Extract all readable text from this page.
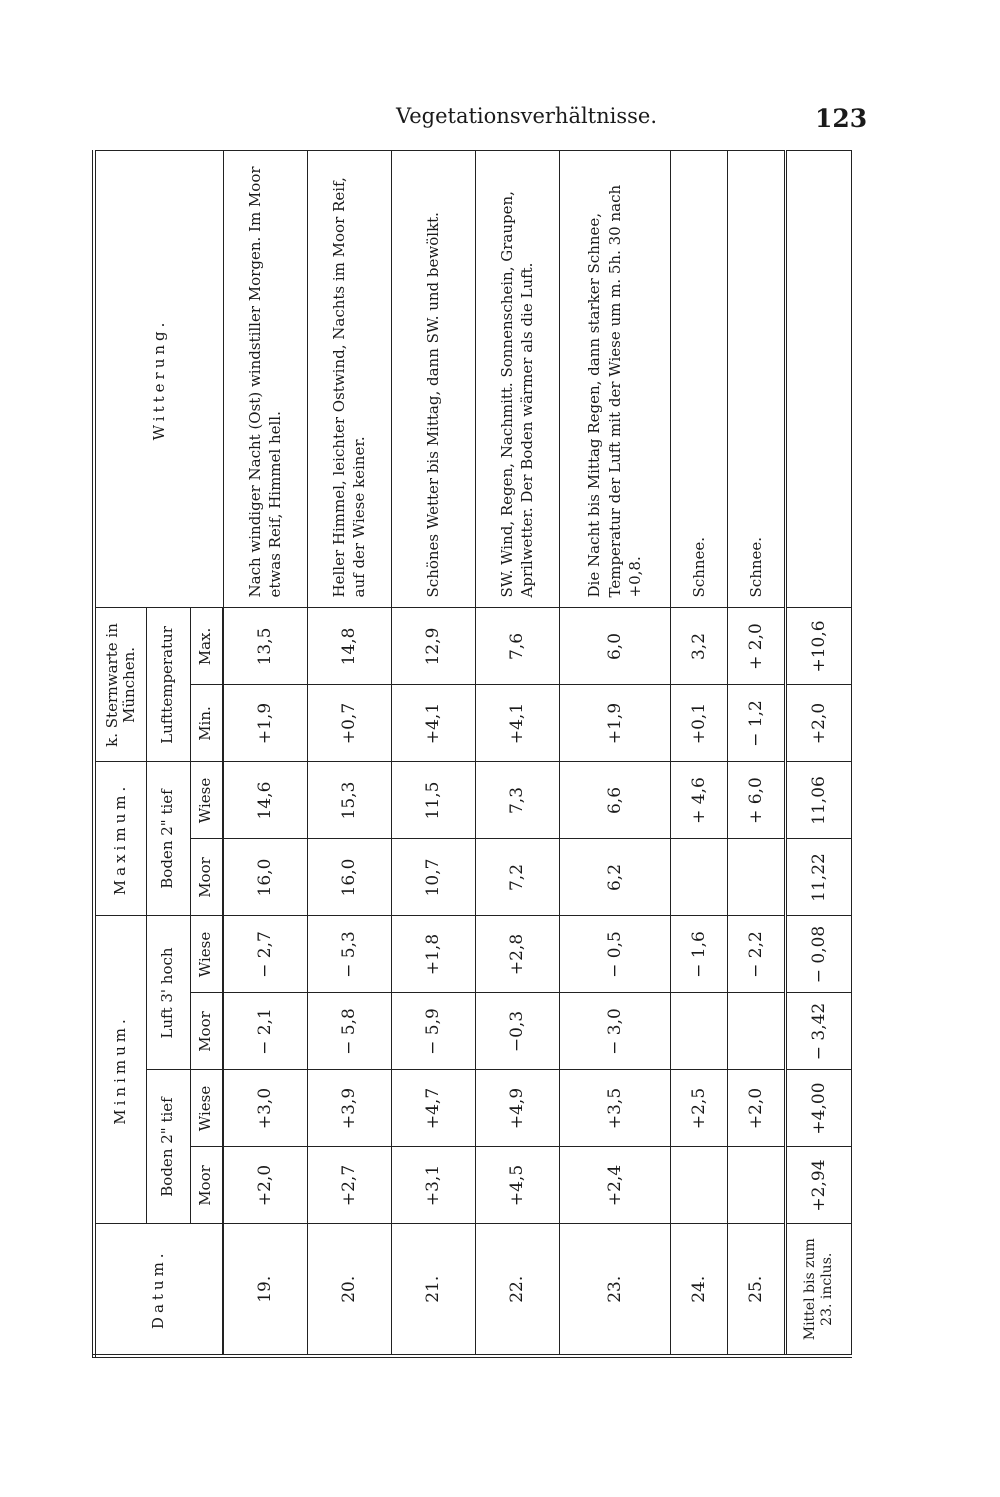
Vegetationsverhältnisse.	123
Datum.	Minimum.				Maximum.		k. Sternwarte in München.		Witterung.
	Boden 2" tief		Luft 3' hoch		Boden 2" tief		Lufttemperatur		
	Moor	Wiese	Moor	Wiese	Moor	Wiese	Min.	Max.	

19.	+2,0	+3,0	− 2,1	− 2,7	16,0	14,6	+1,9	13,5	Nach windiger Nacht (Ost) windstiller Morgen. Im Moor etwas Reif, Himmel hell.
20.	+2,7	+3,9	− 5,8	− 5,3	16,0	15,3	+0,7	14,8	Heller Himmel, leichter Ostwind, Nachts im Moor Reif, auf der Wiese keiner.
21.	+3,1	+4,7	− 5,9	+1,8	10,7	11,5	+4,1	12,9	Schönes Wetter bis Mittag, dann SW. und bewölkt.
22.	+4,5	+4,9	−0,3	+2,8	7,2	7,3	+4,1	7,6	SW. Wind, Regen, Nachmitt. Sonnenschein, Graupen, Aprilwetter. Der Boden wärmer als die Luft.
23.	+2,4	+3,5	− 3,0	− 0,5	6,2	6,6	+1,9	6,0	Die Nacht bis Mittag Regen, dann starker Schnee, Temperatur der Luft mit der Wiese um m. 5h. 30 nach +0,8.
24.		+2,5		− 1,6		+ 4,6	+0,1	3,2	Schnee.
25.		+2,0		− 2,2		+ 6,0	− 1,2	+ 2,0	Schnee.
Mittel bis zum 23. inclus.	+2,94	+4,00	− 3,42	− 0,08	11,22	11,06	+2,0	+10,6	
